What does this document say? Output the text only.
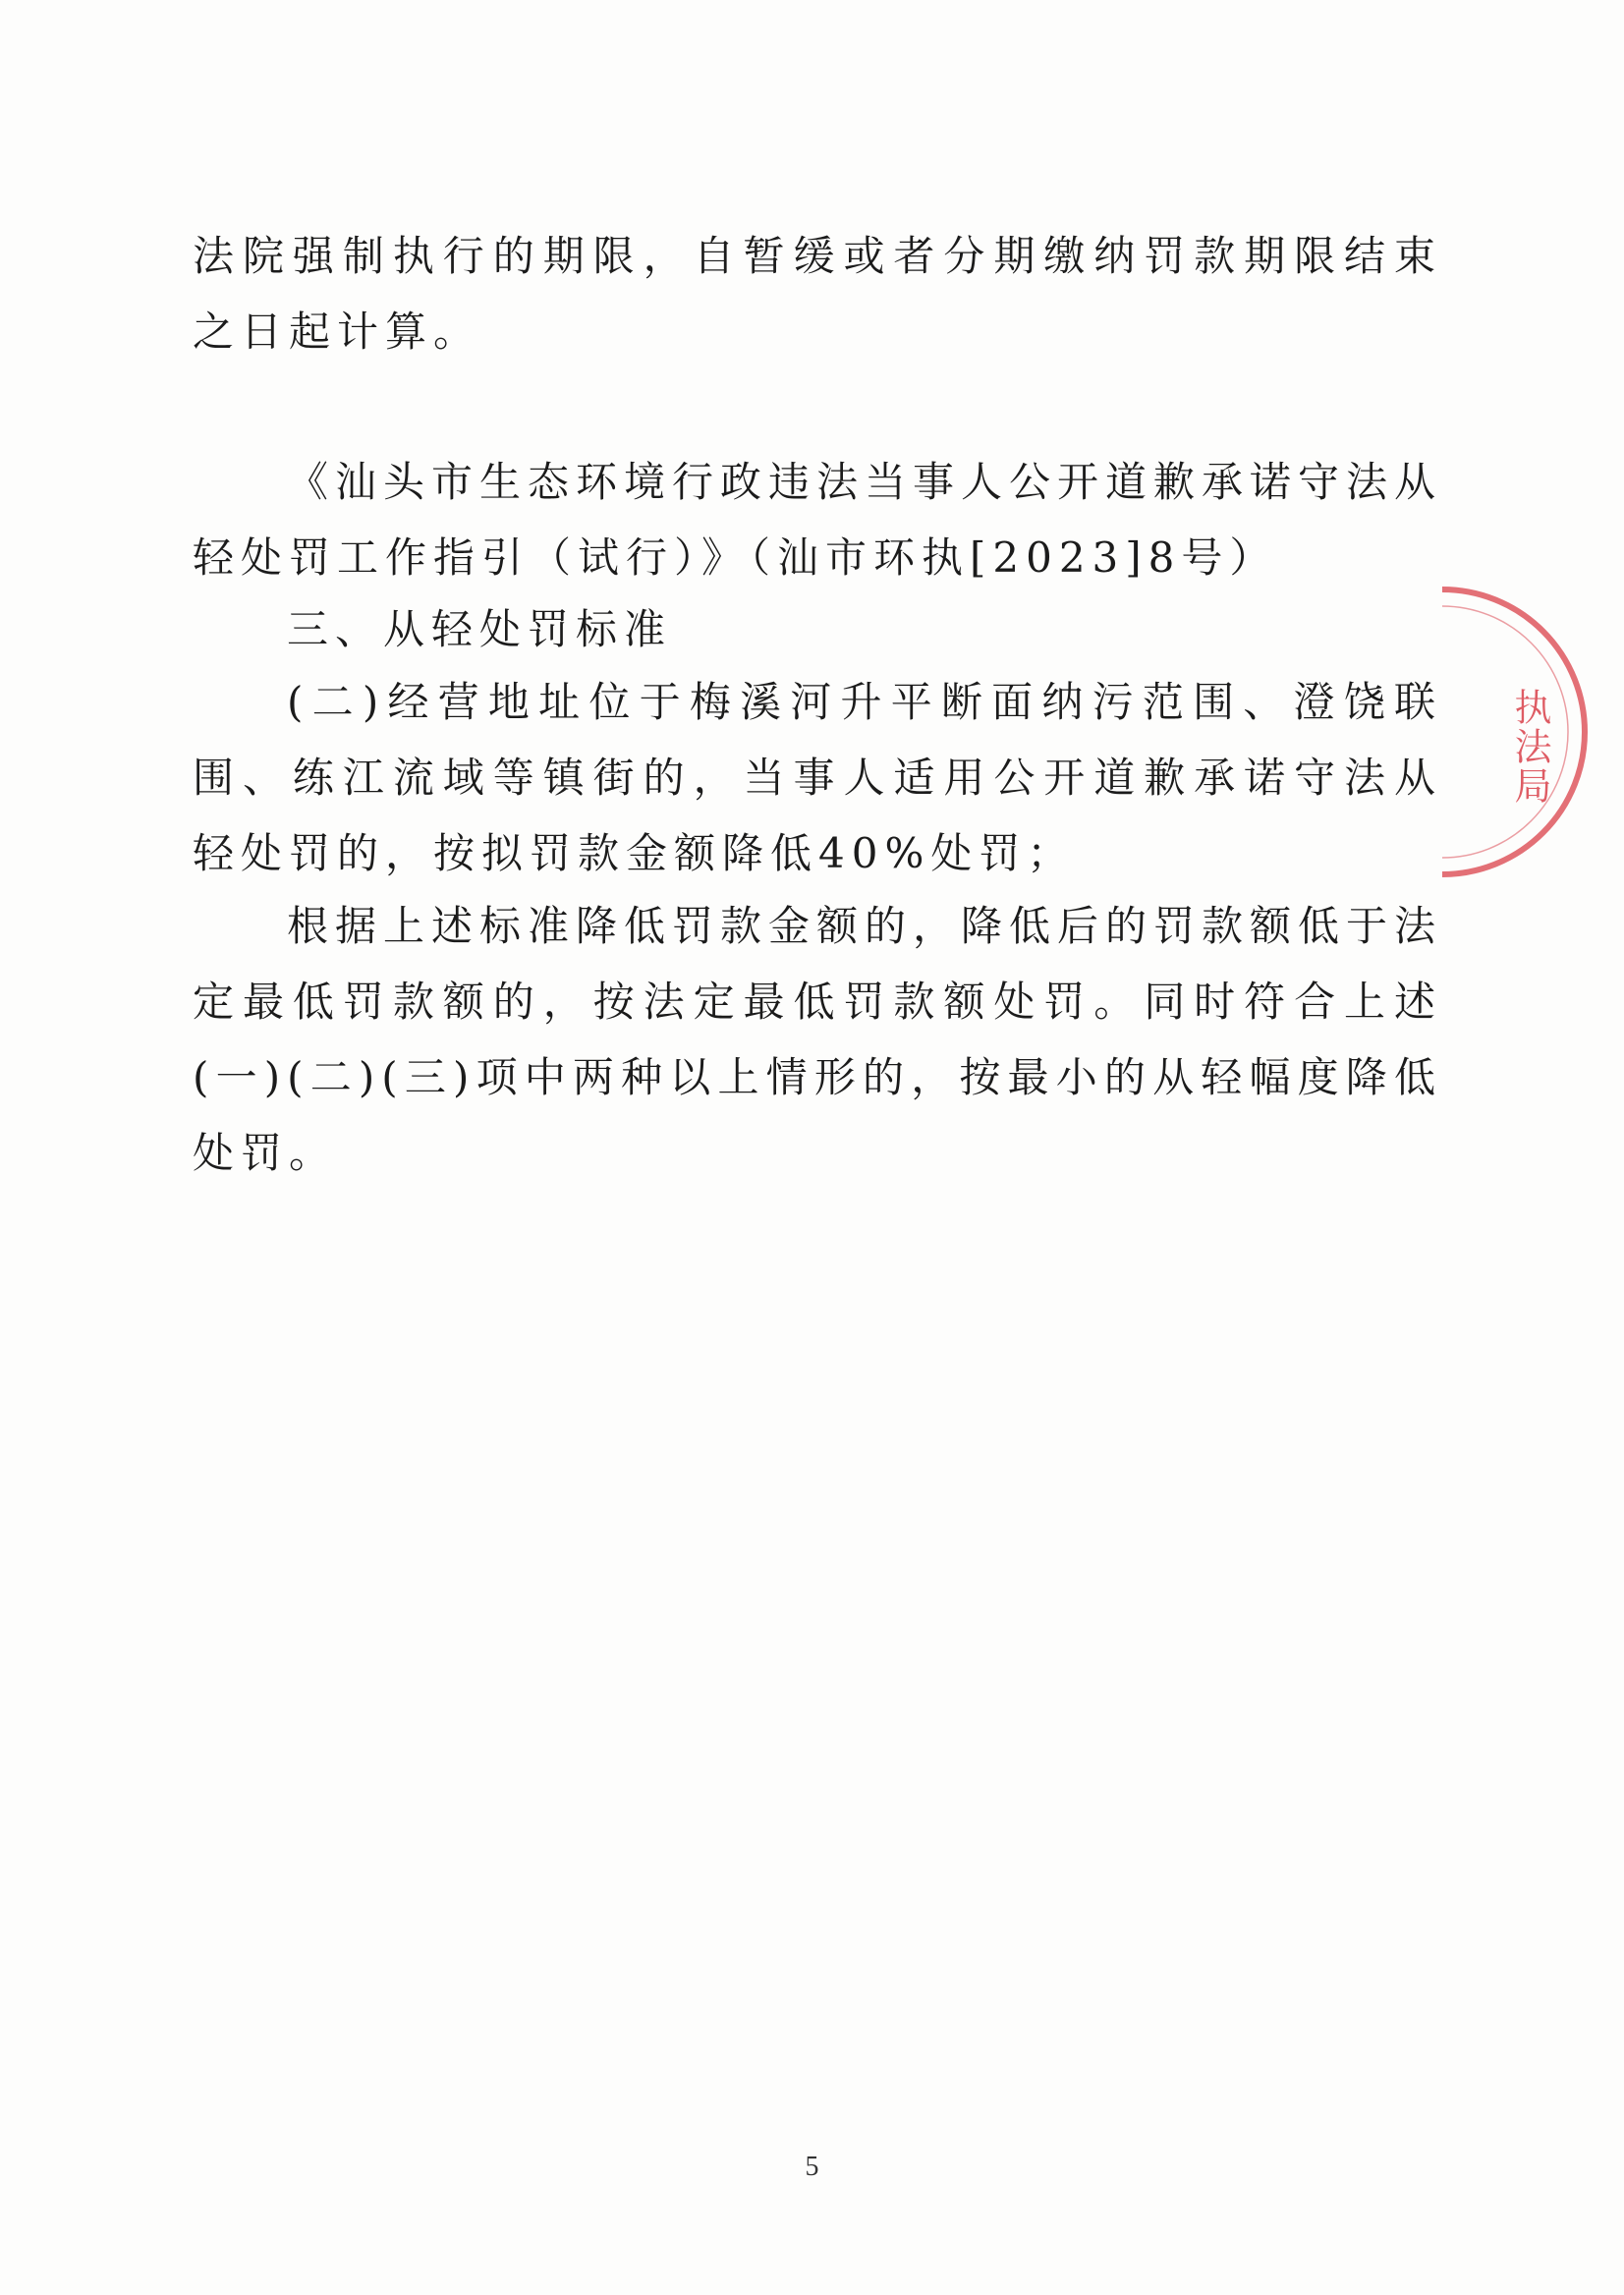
法院强制执行的期限，自暂缓或者分期缴纳罚款期限结束之日起计算。

《汕头市生态环境行政违法当事人公开道歉承诺守法从轻处罚工作指引（试行）》（汕市环执[2023]8号）

三、从轻处罚标准

(二)经营地址位于梅溪河升平断面纳污范围、澄饶联围、练江流域等镇街的，当事人适用公开道歉承诺守法从轻处罚的，按拟罚款金额降低40%处罚；

根据上述标准降低罚款金额的，降低后的罚款额低于法定最低罚款额的，按法定最低罚款额处罚。同时符合上述(一)(二)(三)项中两种以上情形的，按最小的从轻幅度降低处罚。

执法局
5
